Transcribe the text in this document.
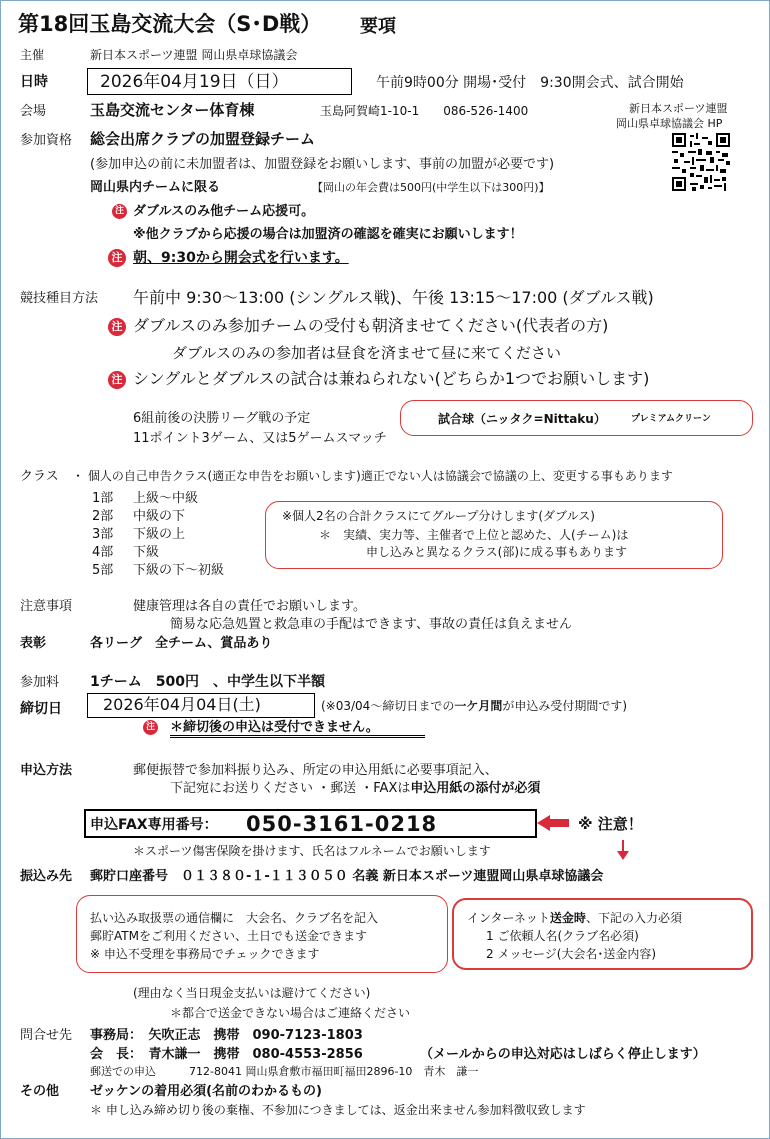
第18回玉島交流大会（S･D戦） 要項
主催	新日本スポーツ連盟 岡山県卓球協議会
日時	2026年04月19日（日）	午前9時00分 開場･受付　9:30開会式、試合開始
会場	玉島交流センター体育棟	玉島阿賀崎1-10-1　　086-526-1400	新日本スポーツ連盟
岡山県卓球協議会 HP
参加資格 総会出席クラブの加盟登録チーム
(参加申込の前に未加盟者は、加盟登録をお願いします、事前の加盟が必要です)
岡山県内チームに限る	【岡山の年会費は500円(中学生以下は300円)】
注 ダブルスのみ他チーム応援可。
※他クラブから応援の場合は加盟済の確認を確実にお願いします！
注 朝、9:30から開会式を行います。
競技種目方法 午前中 9:30～13:00 (シングルス戦)、午後 13:15～17:00 (ダブルス戦)
注 ダブルスのみ参加チームの受付も朝済ませてください(代表者の方)
ダブルスのみの参加者は昼食を済ませて昼に来てください
注 シングルとダブルスの試合は兼ねられない(どちらか1つでお願いします)
6組前後の決勝リーグ戦の予定
11ポイント3ゲーム、又は5ゲームスマッチ
試合球（ニッタク=Nittaku）	プレミアムクリーン
クラス ・ 個人の自己申告クラス(適正な申告をお願いします)適正でない人は協議会で協議の上、変更する事もあります
1部 上級～中級
2部 中級の下
3部 下級の上
4部 下級
5部 下級の下～初級
※個人2名の合計クラスにてグループ分けします(ダブルス)
＊　実績、実力等、主催者で上位と認めた、人(チーム)は
申し込みと異なるクラス(部)に成る事もあります
注意事項	健康管理は各自の責任でお願いします。
簡易な応急処置と救急車の手配はできます、事故の責任は負えません
表彰	各リーグ　全チーム、賞品あり
参加料 1チーム　500円　、中学生以下半額
締切日	2026年04月04日(土)	(※03/04～締切日までの一ケ月間が申込み受付期間です)
注 ＊締切後の申込は受付できません。
申込方法	郵便振替で参加料振り込み、所定の申込用紙に必要事項記入、
下記宛にお送りください ・郵送 ・FAXは申込用紙の添付が必須
申込FAX専用番号： 050-3161-0218	※ 注意！
＊スポーツ傷害保険を掛けます、氏名はフルネームでお願いします
振込み先 郵貯口座番号　０１３８０-１-１１３０５０ 名義 新日本スポーツ連盟岡山県卓球協議会
払い込み取扱票の通信欄に　大会名、クラブ名を記入
郵貯ATMをご利用ください、土日でも送金できます
※ 申込不受理を事務局でチェックできます
インターネット送金時、下記の入力必須
1 ご依頼人名(クラブ名必須)
2 メッセージ(大会名･送金内容)
(理由なく当日現金支払いは避けてください)
＊都合で送金できない場合はご連絡ください
問合せ先 事務局：　矢吹正志　携帯　090-7123-1803
会　長：　青木謙一　携帯　080-4553-2856	（メールからの申込対応はしばらく停止します）
郵送での申込　　　712-8041 岡山県倉敷市福田町福田2896-10　青木　謙一
その他 ゼッケンの着用必須(名前のわかるもの)
＊ 申し込み締め切り後の棄権、不参加につきましては、返金出来ません参加料徴収致します
